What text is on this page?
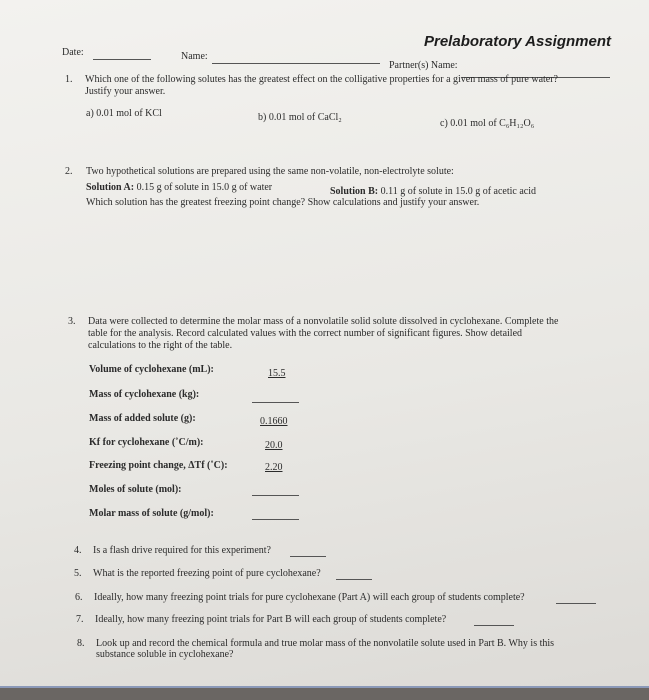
Prelaboratory Assignment
Date:	Name:
Partner(s) Name:
1. Which one of the following solutes has the greatest effect on the colligative properties for a given mass of pure water?
Justify your answer.
a) 0.01 mol of KCl	b) 0.01 mol of CaCl₂
c) 0.01 mol of C₆H₁₂O₆
2. Two hypothetical solutions are prepared using the same non-volatile, non-electrolyte solute:
Solution A: 0.15 g of solute in 15.0 g of water	Solution B: 0.11 g of solute in 15.0 g of acetic acid
Which solution has the greatest freezing point change? Show calculations and justify your answer.
3. Data were collected to determine the molar mass of a nonvolatile solid solute dissolved in cyclohexane. Complete the
table for the analysis. Record calculated values with the correct number of significant figures. Show detailed
calculations to the right of the table.
Volume of cyclohexane (mL):	15.5
Mass of cyclohexane (kg):
Mass of added solute (g):	0.1660
Kf for cyclohexane (˚C/m):	20.0
Freezing point change, ΔTf (˚C):	2.20
Moles of solute (mol):
Molar mass of solute (g/mol):
4. Is a flash drive required for this experiment?
5. What is the reported freezing point of pure cyclohexane?
6. Ideally, how many freezing point trials for pure cyclohexane (Part A) will each group of students complete?
7. Ideally, how many freezing point trials for Part B will each group of students complete?
8. Look up and record the chemical formula and true molar mass of the nonvolatile solute used in Part B. Why is this
substance soluble in cyclohexane?
